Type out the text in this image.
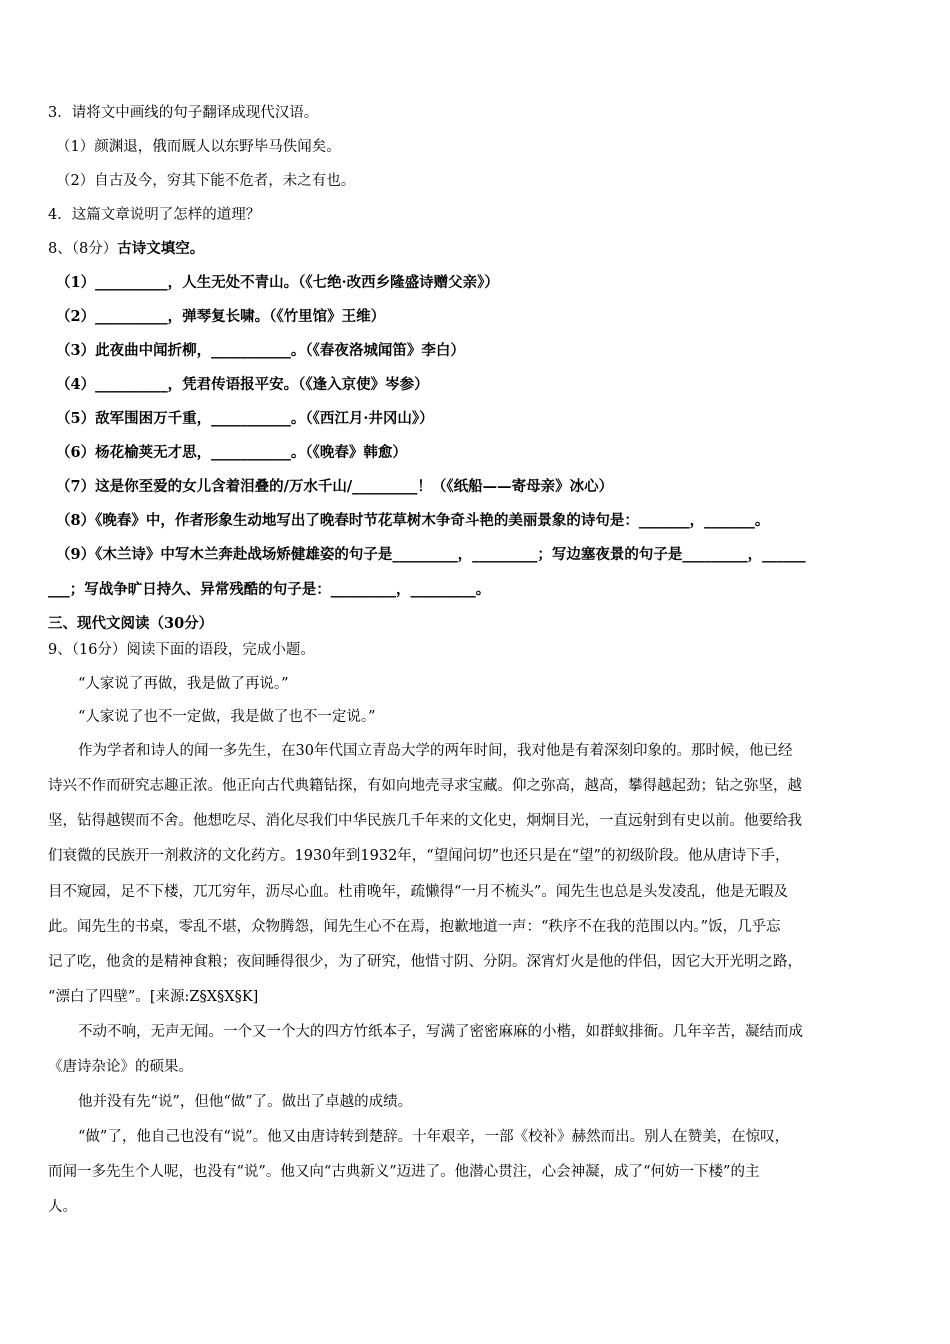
3．请将文中画线的句子翻译成现代汉语。
（1）颜渊退，俄而厩人以东野毕马佚闻矣。
（2）自古及今，穷其下能不危者，未之有也。
4．这篇文章说明了怎样的道理？
8、（8分）古诗文填空。
（1）__________，人生无处不青山。（《七绝·改西乡隆盛诗赠父亲》）
（2）__________，弹琴复长啸。（《竹里馆》王维）
（3）此夜曲中闻折柳，___________。（《春夜洛城闻笛》李白）
（4）__________，凭君传语报平安。（《逢入京使》岑参）
（5）敌军围困万千重，___________。（《西江月·井冈山》）
（6）杨花榆荚无才思，___________。（《晚春》韩愈）
（7）这是你至爱的女儿含着泪叠的/万水千山/_________！（《纸船——寄母亲》冰心）
（8）《晚春》中，作者形象生动地写出了晚春时节花草树木争奇斗艳的美丽景象的诗句是：_______，_______。
（9）《木兰诗》中写木兰奔赴战场矫健雄姿的句子是_________，_________；写边塞夜景的句子是_________，______
___；写战争旷日持久、异常残酷的句子是：_________，_________。
三、现代文阅读（30分）
9、（16分）阅读下面的语段，完成小题。
“人家说了再做，我是做了再说。”
“人家说了也不一定做，我是做了也不一定说。”
作为学者和诗人的闻一多先生，在30年代国立青岛大学的两年时间，我对他是有着深刻印象的。那时候，他已经
诗兴不作而研究志趣正浓。他正向古代典籍钻探，有如向地壳寻求宝藏。仰之弥高，越高，攀得越起劲；钻之弥坚，越
坚，钻得越锲而不舍。他想吃尽、消化尽我们中华民族几千年来的文化史，炯炯目光，一直远射到有史以前。他要给我
们衰微的民族开一剂救济的文化药方。1930年到1932年，“望闻问切”也还只是在“望”的初级阶段。他从唐诗下手，
目不窥园，足不下楼，兀兀穷年，沥尽心血。杜甫晚年，疏懒得“一月不梳头”。闻先生也总是头发凌乱，他是无暇及
此。闻先生的书桌，零乱不堪，众物腾怨，闻先生心不在焉，抱歉地道一声：“秩序不在我的范围以内。”饭，几乎忘
记了吃，他贪的是精神食粮；夜间睡得很少，为了研究，他惜寸阴、分阴。深宵灯火是他的伴侣，因它大开光明之路，
“漂白了四壁”。[来源:Z§X§X§K]
不动不响，无声无闻。一个又一个大的四方竹纸本子，写满了密密麻麻的小楷，如群蚁排衙。几年辛苦，凝结而成
《唐诗杂论》的硕果。
他并没有先“说”，但他“做”了。做出了卓越的成绩。
“做”了，他自己也没有“说”。他又由唐诗转到楚辞。十年艰辛，一部《校补》赫然而出。别人在赞美，在惊叹，
而闻一多先生个人呢，也没有“说”。他又向“古典新义”迈进了。他潜心贯注，心会神凝，成了“何妨一下楼”的主
人。
